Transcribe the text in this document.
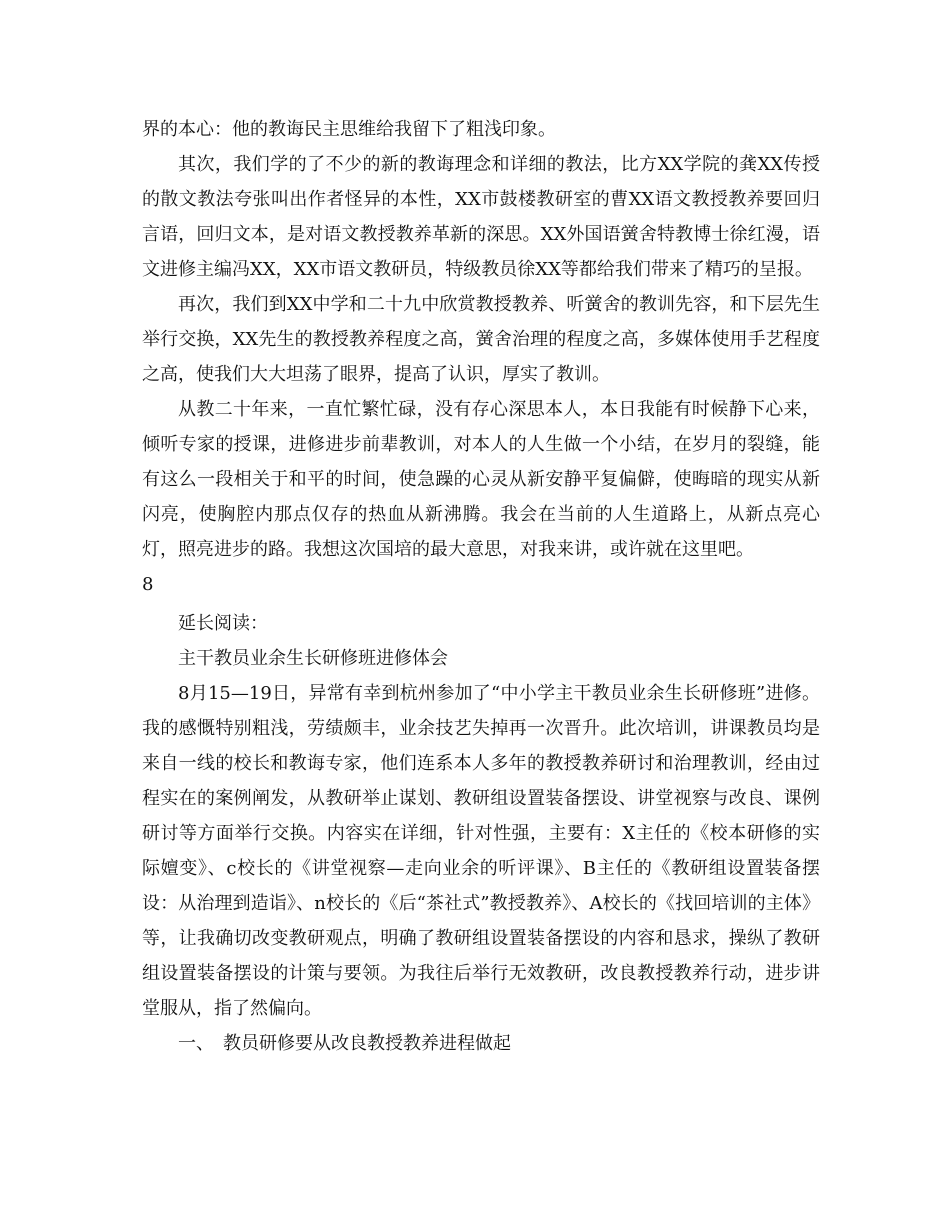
界的本心：他的教诲民主思维给我留下了粗浅印象。

其次，我们学的了不少的新的教诲理念和详细的教法，比方XX学院的龚XX传授的散文教法夸张叫出作者怪异的本性，XX市鼓楼教研室的曹XX语文教授教养要回归言语，回归文本，是对语文教授教养革新的深思。XX外国语黉舍特教博士徐红漫，语文进修主编冯XX，XX市语文教研员，特级教员徐XX等都给我们带来了精巧的呈报。

再次，我们到XX中学和二十九中欣赏教授教养、听黉舍的教训先容，和下层先生举行交换，XX先生的教授教养程度之高，黉舍治理的程度之高，多媒体使用手艺程度之高，使我们大大坦荡了眼界，提高了认识，厚实了教训。

从教二十年来，一直忙繁忙碌，没有存心深思本人，本日我能有时候静下心来，倾听专家的授课，进修进步前辈教训，对本人的人生做一个小结，在岁月的裂缝，能有这么一段相关于和平的时间，使急躁的心灵从新安静平复偏僻，使晦暗的现实从新闪亮，使胸腔内那点仅存的热血从新沸腾。我会在当前的人生道路上，从新点亮心灯，照亮进步的路。我想这次国培的最大意思，对我来讲，或许就在这里吧。

8

延长阅读：

主干教员业余生长研修班进修体会

8月15—19日，异常有幸到杭州参加了“中小学主干教员业余生长研修班”进修。我的感慨特别粗浅，劳绩颇丰，业余技艺失掉再一次晋升。此次培训，讲课教员均是来自一线的校长和教诲专家，他们连系本人多年的教授教养研讨和治理教训，经由过程实在的案例阐发，从教研举止谋划、教研组设置装备摆设、讲堂视察与改良、课例研讨等方面举行交换。内容实在详细，针对性强，主要有：X主任的《校本研修的实际嬗变》、c校长的《讲堂视察—走向业余的听评课》、B主任的《教研组设置装备摆设：从治理到造诣》、n校长的《后“茶社式”教授教养》、A校长的《找回培训的主体》等，让我确切改变教研观点，明确了教研组设置装备摆设的内容和恳求，操纵了教研组设置装备摆设的计策与要领。为我往后举行无效教研，改良教授教养行动，进步讲堂服从，指了然偏向。

一、　教员研修要从改良教授教养进程做起
